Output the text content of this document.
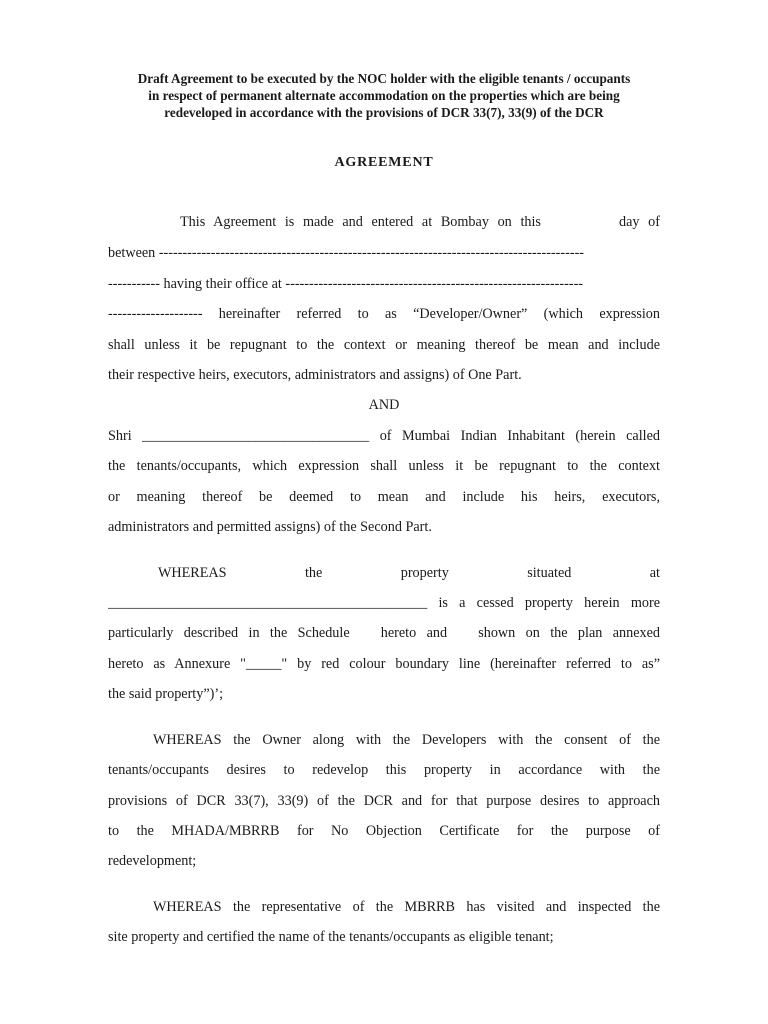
Draft Agreement to be executed by the NOC holder with the eligible tenants / occupants
in respect of permanent alternate accommodation on the properties which are being
redeveloped in accordance with the provisions of DCR 33(7), 33(9) of the DCR
AGREEMENT
This Agreement is made and entered at Bombay on this         day of
between ------------------------------------------------------------------------------------------
----------- having their office at ---------------------------------------------------------------
-------------------- hereinafter referred to as “Developer/Owner” (which expression
shall unless it be repugnant to the context or meaning thereof be mean and include
their respective heirs, executors, administrators and assigns) of One Part.
AND
Shri ________________________________ of Mumbai Indian Inhabitant (herein called
the tenants/occupants, which expression shall unless it be repugnant to the context
or meaning thereof be deemed to mean and include his heirs, executors,
administrators and permitted assigns) of the Second Part.
WHEREAS the property situated at
_____________________________________________ is a cessed property herein more
particularly described in the Schedule   hereto and   shown on the plan annexed
hereto as Annexure "_____" by red colour boundary line (hereinafter referred to as”
the said property”)’;
WHEREAS the Owner along with the Developers with the consent of the
tenants/occupants desires to redevelop this property in accordance with the
provisions of DCR 33(7), 33(9) of the DCR and for that purpose desires to approach
to the MHADA/MBRRB for No Objection Certificate for the purpose of
redevelopment;
WHEREAS the representative of the MBRRB has visited and inspected the
site property and certified the name of the tenants/occupants as eligible tenant;
